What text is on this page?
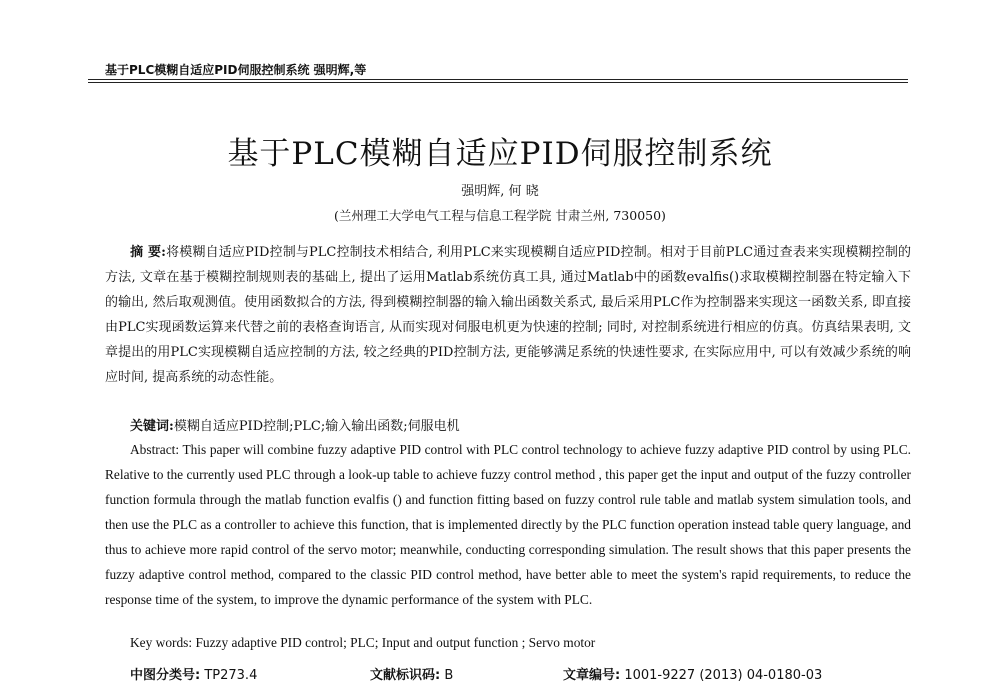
基于PLC模糊自适应PID伺服控制系统 强明辉,等
基于PLC模糊自适应PID伺服控制系统
强明辉, 何 晓
(兰州理工大学电气工程与信息工程学院 甘肃兰州, 730050)
摘 要:将模糊自适应PID控制与PLC控制技术相结合, 利用PLC来实现模糊自适应PID控制。相对于目前PLC通过查表来实现模糊控制的方法, 文章在基于模糊控制规则表的基础上, 提出了运用Matlab系统仿真工具, 通过Matlab中的函数evalfis()求取模糊控制器在特定输入下的输出, 然后取观测值。使用函数拟合的方法, 得到模糊控制器的输入输出函数关系式, 最后采用PLC作为控制器来实现这一函数关系, 即直接由PLC实现函数运算来代替之前的表格查询语言, 从而实现对伺服电机更为快速的控制; 同时, 对控制系统进行相应的仿真。仿真结果表明, 文章提出的用PLC实现模糊自适应控制的方法, 较之经典的PID控制方法, 更能够满足系统的快速性要求, 在实际应用中, 可以有效减少系统的响应时间, 提高系统的动态性能。
关键词:模糊自适应PID控制;PLC;输入输出函数;伺服电机
Abstract: This paper will combine fuzzy adaptive PID control with PLC control technology to achieve fuzzy adaptive PID control by using PLC. Relative to the currently used PLC through a look-up table to achieve fuzzy control method , this paper get the input and output of the fuzzy controller function formula through the matlab function evalfis () and function fitting based on fuzzy control rule table and matlab system simulation tools, and then use the PLC as a controller to achieve this function, that is implemented directly by the PLC function operation instead table query language, and thus to achieve more rapid control of the servo motor; meanwhile, conducting corresponding simulation. The result shows that this paper presents the fuzzy adaptive control method, compared to the classic PID control method, have better able to meet the system's rapid requirements, to reduce the response time of the system, to improve the dynamic performance of the system with PLC.
Key words: Fuzzy adaptive PID control; PLC; Input and output function ; Servo motor
中图分类号: TP273.4	文献标识码: B	文章编号: 1001-9227 (2013) 04-0180-03
